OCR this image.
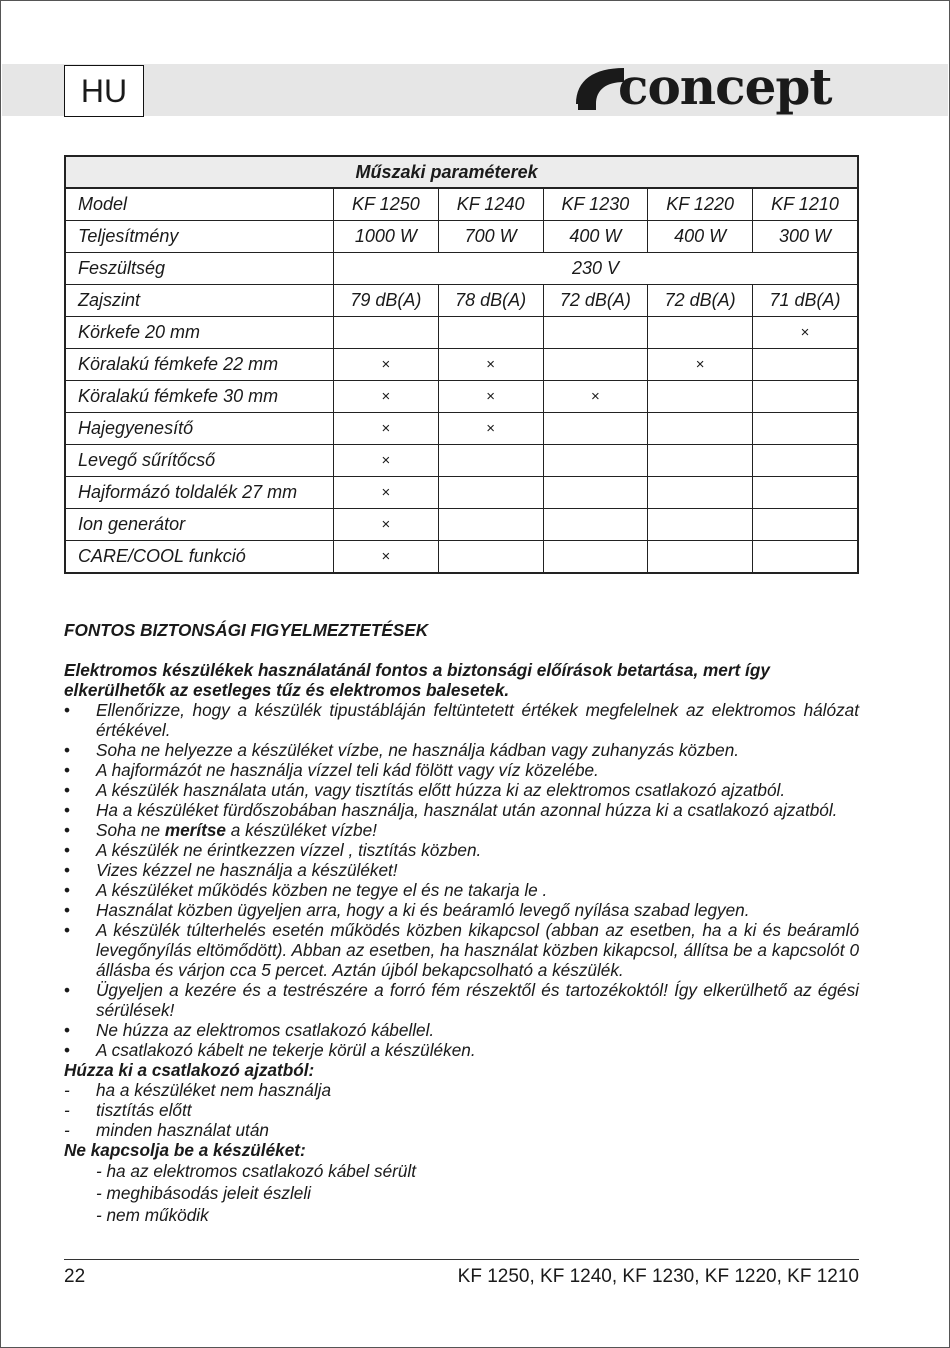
HU	concept
	Műszaki paraméterek				
Model	KF 1250	KF 1240	KF 1230	KF 1220	KF 1210
Teljesítmény	1000 W	700 W	400 W	400 W	300 W
Feszültség	230 V				
Zajszint	79 dB(A)	78 dB(A)	72 dB(A)	72 dB(A)	71 dB(A)
Körkefe 20 mm					×
Köralakú fémkefe 22 mm	×	×		×	
Köralakú fémkefe 30 mm	×	×	×		
Hajegyenesítő	×	×			
Levegő sűrítőcső	×				
Hajformázó toldalék 27 mm	×				
Ion generátor	×				
CARE/COOL funkció	×				

FONTOS BIZTONSÁGI FIGYELMEZTETÉSEK

Elektromos készülékek használatánál fontos a biztonsági előírások betartása, mert így elkerülhetők az esetleges tűz és elektromos balesetek.

• Ellenőrizze, hogy a készülék tipustábláján feltüntetett értékek megfelelnek az elektromos hálózat értékével.
• Soha ne helyezze a készüléket vízbe, ne használja kádban vagy zuhanyzás közben.
• A hajformázót ne használja vízzel teli kád fölött vagy víz közelébe.
• A készülék használata után, vagy tisztítás előtt húzza ki az elektromos csatlakozó ajzatból.
• Ha a készüléket fürdőszobában használja, használat után azonnal húzza ki a csatlakozó ajzatból.
• Soha ne merítse a készüléket vízbe!
• A készülék ne érintkezzen vízzel , tisztítás közben.
• Vizes kézzel ne használja a készüléket!
• A készüléket működés közben ne tegye el és ne takarja le .
• Használat közben ügyeljen arra, hogy a ki és beáramló levegő nyílása szabad legyen.
• A készülék túlterhelés esetén működés közben kikapcsol (abban az esetben, ha a ki és beáramló levegőnyílás eltömődött). Abban az esetben, ha használat közben kikapcsol, állítsa be a kapcsolót 0 állásba és várjon cca 5 percet. Aztán újból bekapcsolható a készülék.
• Ügyeljen a kezére és a testrészére a forró fém részektől és tartozékoktól! Így elkerülhető az égési sérülések!
• Ne húzza az elektromos csatlakozó kábellel.
• A csatlakozó kábelt ne tekerje körül a készüléken.
Húzza ki a csatlakozó ajzatból:
- ha a készüléket nem használja
- tisztítás előtt
- minden használat után
Ne kapcsolja be a készüléket:
- ha az elektromos csatlakozó kábel sérült
- meghibásodás jeleit észleli
- nem működik
22	KF 1250, KF 1240, KF 1230, KF 1220, KF 1210
